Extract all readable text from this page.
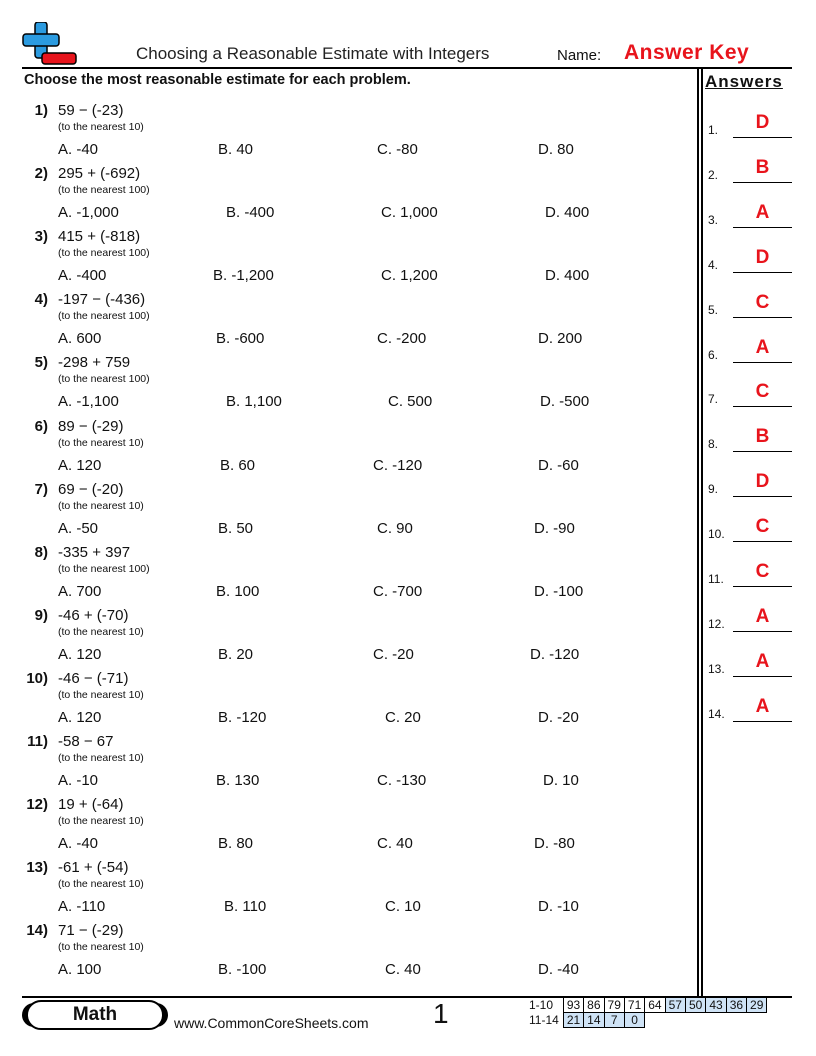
Choosing a Reasonable Estimate with Integers	Name: Answer Key
Choose the most reasonable estimate for each problem.	Answers
1) 59 − (-23)
(to the nearest 10)
A. -40	B. 40	C. -80	D. 80
2) 295 + (-692)
(to the nearest 100)
A. -1,000	B. -400	C. 1,000	D. 400
3) 415 + (-818)
(to the nearest 100)
A. -400	B. -1,200	C. 1,200	D. 400
4) -197 − (-436)
(to the nearest 100)
A. 600	B. -600	C. -200	D. 200
5) -298 + 759
(to the nearest 100)
A. -1,100	B. 1,100	C. 500	D. -500
6) 89 − (-29)
(to the nearest 10)
A. 120	B. 60	C. -120	D. -60
7) 69 − (-20)
(to the nearest 10)
A. -50	B. 50	C. 90	D. -90
8) -335 + 397
(to the nearest 100)
A. 700	B. 100	C. -700	D. -100
9) -46 + (-70)
(to the nearest 10)
A. 120	B. 20	C. -20	D. -120
10) -46 − (-71)
(to the nearest 10)
A. 120	B. -120	C. 20	D. -20
11) -58 − 67
(to the nearest 10)
A. -10	B. 130	C. -130	D. 10
12) 19 + (-64)
(to the nearest 10)
A. -40	B. 80	C. 40	D. -80
13) -61 + (-54)
(to the nearest 10)
A. -110	B. 110	C. 10	D. -10
14) 71 − (-29)
(to the nearest 10)
A. 100	B. -100	C. 40	D. -40
1.	D
2.	B
3.	A
4.	D
5.	C
6.	A
7.	C
8.	B
9.	D
10.	C
11.	C
12.	A
13.	A
14.	A
Math	www.CommonCoreSheets.com 1	1-10	93	86	79	71	64	57	50	43	36	29
11-14	21	14	7	0						
